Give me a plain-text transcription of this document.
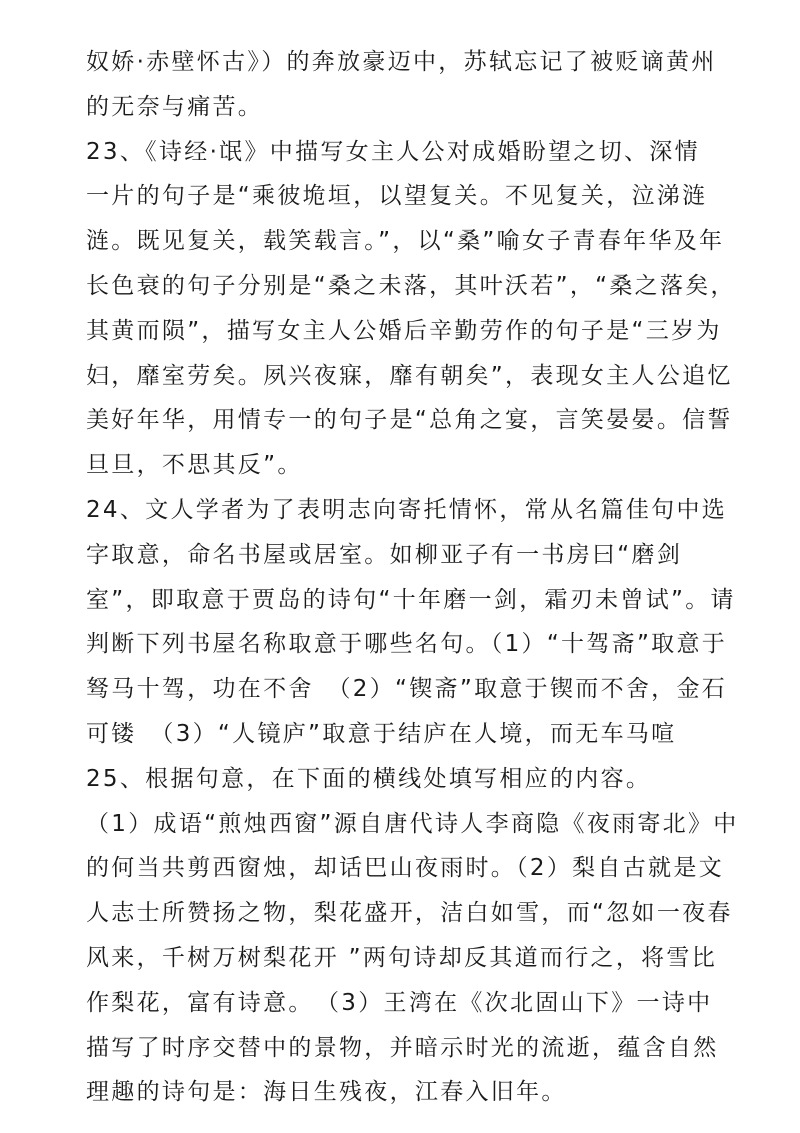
奴娇·赤壁怀古》）的奔放豪迈中，苏轼忘记了被贬谪黄州
的无奈与痛苦。

23、《诗经·氓》中描写女主人公对成婚盼望之切、深情
一片的句子是“乘彼垝垣，以望复关。不见复关，泣涕涟
涟。既见复关，载笑载言。”，以“桑”喻女子青春年华及年
长色衰的句子分别是“桑之未落，其叶沃若”，“桑之落矣，
其黄而陨”，描写女主人公婚后辛勤劳作的句子是“三岁为
妇，靡室劳矣。夙兴夜寐，靡有朝矣”，表现女主人公追忆
美好年华，用情专一的句子是“总角之宴，言笑晏晏。信誓
旦旦，不思其反”。

24、文人学者为了表明志向寄托情怀，常从名篇佳句中选
字取意，命名书屋或居室。如柳亚子有一书房曰“磨剑
室”，即取意于贾岛的诗句“十年磨一剑，霜刃未曾试”。请
判断下列书屋名称取意于哪些名句。（1）“十驾斋”取意于
驽马十驾，功在不舍　（2）“锲斋”取意于锲而不舍，金石
可镂　（3）“人镜庐”取意于结庐在人境，而无车马喧

25、根据句意，在下面的横线处填写相应的内容。

（1）成语“煎烛西窗”源自唐代诗人李商隐《夜雨寄北》中
的何当共剪西窗烛，却话巴山夜雨时。（2）梨自古就是文
人志士所赞扬之物，梨花盛开，洁白如雪，而“忽如一夜春
风来，千树万树梨花开 ”两句诗却反其道而行之，将雪比
作梨花，富有诗意。　（3）王湾在《次北固山下》一诗中
描写了时序交替中的景物，并暗示时光的流逝，蕴含自然
理趣的诗句是：海日生残夜，江春入旧年。
